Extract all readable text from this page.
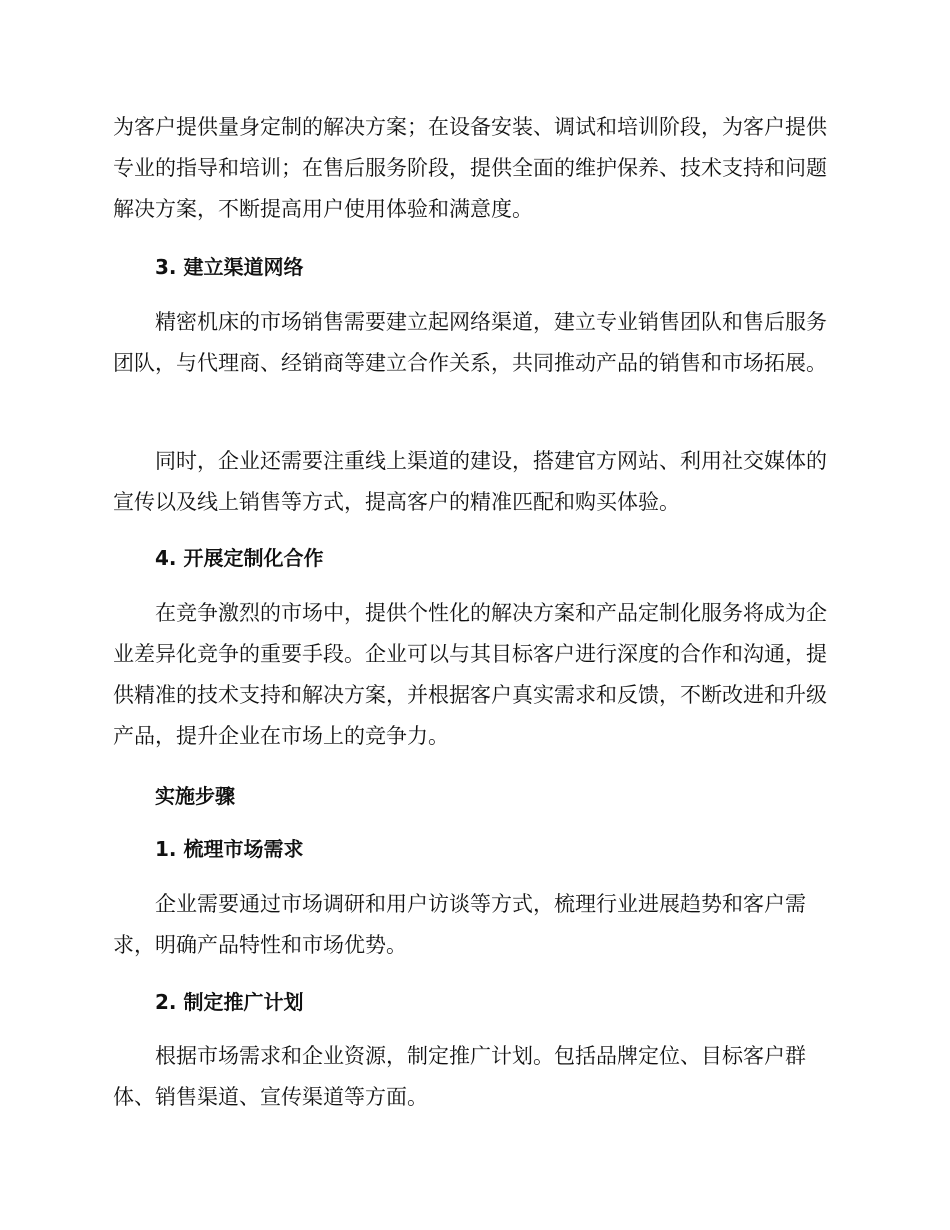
为客户提供量身定制的解决方案；在设备安装、调试和培训阶段，为客户提供专业的指导和培训；在售后服务阶段，提供全面的维护保养、技术支持和问题解决方案，不断提高用户使用体验和满意度。

3. 建立渠道网络

精密机床的市场销售需要建立起网络渠道，建立专业销售团队和售后服务团队，与代理商、经销商等建立合作关系，共同推动产品的销售和市场拓展。

同时，企业还需要注重线上渠道的建设，搭建官方网站、利用社交媒体的宣传以及线上销售等方式，提高客户的精准匹配和购买体验。

4. 开展定制化合作

在竞争激烈的市场中，提供个性化的解决方案和产品定制化服务将成为企业差异化竞争的重要手段。企业可以与其目标客户进行深度的合作和沟通，提供精准的技术支持和解决方案，并根据客户真实需求和反馈，不断改进和升级产品，提升企业在市场上的竞争力。

实施步骤

1. 梳理市场需求

企业需要通过市场调研和用户访谈等方式，梳理行业进展趋势和客户需求，明确产品特性和市场优势。

2. 制定推广计划

根据市场需求和企业资源，制定推广计划。包括品牌定位、目标客户群体、销售渠道、宣传渠道等方面。
